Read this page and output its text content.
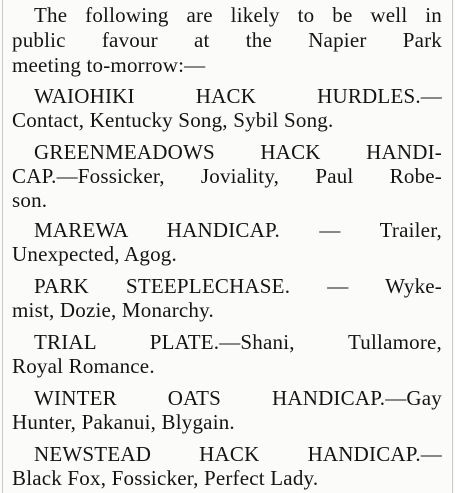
The following are likely to be well in
public favour at the Napier Park
meeting to-morrow:—
WAIOHIKI HACK HURDLES.—
Contact, Kentucky Song, Sybil Song.
GREENMEADOWS HACK HANDI-
CAP.—Fossicker, Joviality, Paul Robe-
son.
MAREWA HANDICAP. — Trailer,
Unexpected, Agog.
PARK STEEPLECHASE. — Wyke-
mist, Dozie, Monarchy.
TRIAL PLATE.—Shani, Tullamore,
Royal Romance.
WINTER OATS HANDICAP.—Gay
Hunter, Pakanui, Blygain.
NEWSTEAD HACK HANDICAP.—
Black Fox, Fossicker, Perfect Lady.
